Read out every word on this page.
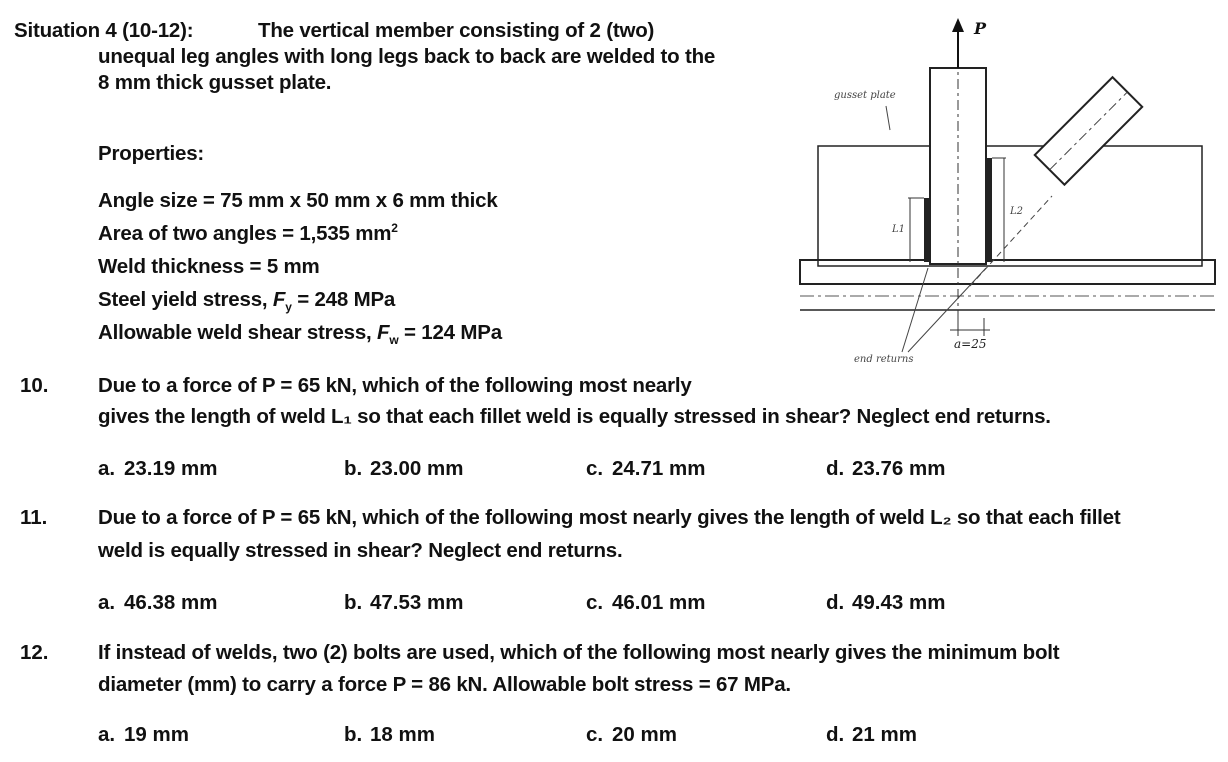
Situation 4 (10-12):	The vertical member consisting of 2 (two)
unequal leg angles with long legs back to back are welded to the
8 mm thick gusset plate.
Properties:
Angle size = 75 mm x 50 mm x 6 mm thick
Area of two angles = 1,535 $mm^2$
Weld thickness = 5 mm
Steel yield stress, $F_y = 248$ MPa
Allowable weld shear stress, $F_w = 124$ MPa
P
gusset plate
L1
L2
a=25
end returns
10. Due to a force of P = 65 kN, which of the following most nearly
gives the length of weld L₁ so that each fillet weld is equally stressed in shear? Neglect end returns.
a. 23.19 mm	b. 23.00 mm	c. 24.71 mm	d. 23.76 mm
11. Due to a force of P = 65 kN, which of the following most nearly gives the length of weld L₂ so that each fillet
weld is equally stressed in shear? Neglect end returns.
a. 46.38 mm	b. 47.53 mm	c. 46.01 mm	d. 49.43 mm
12. If instead of welds, two (2) bolts are used, which of the following most nearly gives the minimum bolt
diameter (mm) to carry a force P = 86 kN. Allowable bolt stress = 67 MPa.
a. 19 mm	b. 18 mm	c. 20 mm	d. 21 mm
